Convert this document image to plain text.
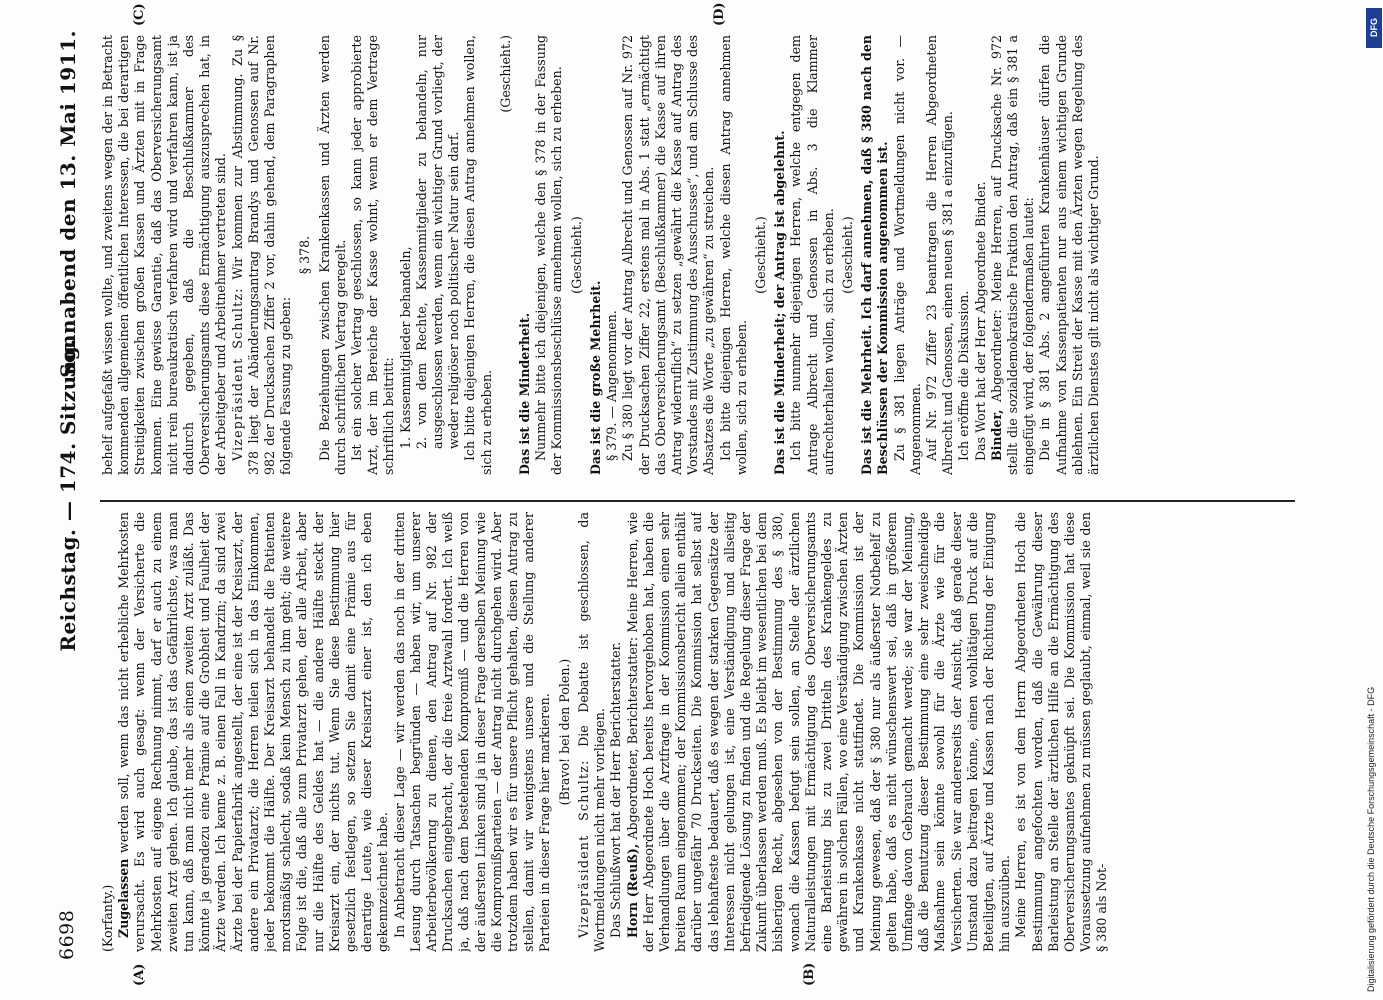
6698
Reichstag. — 174. Sitzung.
Sonnabend den 13. Mai 1911.
(A)	(B)
(C)	(D)

(Korfanty.) Zugelassen werden soll, wenn das nicht erhebliche Mehrkosten verursacht. Es wird auch gesagt: wenn der Versicherte die Mehrkosten auf eigene Rechnung nimmt, darf er auch zu einem zweiten Arzt gehen. Ich glaube, das ist das Gefährlichste, was man tun kann, daß man nicht mehr als einen zweiten Arzt zuläßt. Das könnte ja geradezu eine Prämie auf die Grobheit und Faulheit der Ärzte werden. Ich kenne z. B. einen Fall in Kandrzin; da sind zwei Ärzte bei der Papierfabrik angestellt, der eine ist der Kreisarzt, der andere ein Privatarzt; die Herren teilen sich in das Einkommen, jeder bekommt die Hälfte. Der Kreisarzt behandelt die Patienten mordsmäßig schlecht, sodaß kein Mensch zu ihm geht; die weitere Folge ist die, daß alle zum Privatarzt gehen, der alle Arbeit, aber nur die Hälfte des Geldes hat — die andere Hälfte steckt der Kreisarzt ein, der nichts tut. Wenn Sie diese Bestimmung hier gesetzlich festlegen, so setzen Sie damit eine Prämie aus für derartige Leute, wie dieser Kreisarzt einer ist, den ich eben gekennzeichnet habe. In Anbetracht dieser Lage — wir werden das noch in der dritten Lesung durch Tatsachen begründen — haben wir, um unserer Arbeiterbevölkerung zu dienen, den Antrag auf Nr. 982 der Drucksachen eingebracht, der die freie Arztwahl fordert. Ich weiß ja, daß nach dem bestehenden Kompromiß — und die Herren von der äußersten Linken sind ja in dieser Frage derselben Meinung wie die Kompromißparteien — der Antrag nicht durchgehen wird. Aber trotzdem haben wir es für unsere Pflicht gehalten, diesen Antrag zu stellen, damit wir wenigstens unsere und die Stellung anderer Parteien in dieser Frage hier markieren. (Bravo! bei den Polen.)

Vizepräsident Schultz: Die Debatte ist geschlossen, da Wortmeldungen nicht mehr vorliegen. Das Schlußwort hat der Herr Berichterstatter. Horn (Reuß), Abgeordneter, Berichterstatter: Meine Herren, wie der Herr Abgeordnete Hoch bereits hervorgehoben hat, haben die Verhandlungen über die Arztfrage in der Kommission einen sehr breiten Raum eingenommen; der Kommissionsbericht allein enthält darüber ungefähr 70 Druckseiten. Die Kommission hat selbst auf das lebhafteste bedauert, daß es wegen der starken Gegensätze der Interessen nicht gelungen ist, eine Verständigung und allseitig befriedigende Lösung zu finden und die Regelung dieser Frage der Zukunft überlassen werden muß. Es bleibt im wesentlichen bei dem bisherigen Recht, abgesehen von der Bestimmung des § 380, wonach die Kassen befugt sein sollen, an Stelle der ärztlichen Naturalleistungen mit Ermächtigung des Oberversicherungsamts eine Barleistung bis zu zwei Dritteln des Krankengeldes zu gewähren in solchen Fällen, wo eine Verständigung zwischen Ärzten und Krankenkasse nicht stattfindet. Die Kommission ist der Meinung gewesen, daß der § 380 nur als äußerster Notbehelf zu gelten habe, daß es nicht wünschenswert sei, daß in größerem Umfange davon Gebrauch gemacht werde; sie war der Meinung, daß die Benutzung dieser Bestimmung eine sehr zweischneidige Maßnahme sein könnte sowohl für die Ärzte wie für die Versicherten. Sie war andererseits der Ansicht, daß gerade dieser Umstand dazu beitragen könne, einen wohltätigen Druck auf die Beteiligten, auf Ärzte und Kassen nach der Richtung der Einigung hin auszuüben. Meine Herren, es ist von dem Herrn Abgeordneten Hoch die Bestimmung angefochten worden, daß die Gewährung dieser Barleistung an Stelle der ärztlichen Hilfe an die Ermächtigung des Oberversicherungsamtes geknüpft sei. Die Kommission hat diese Voraussetzung aufnehmen zu müssen geglaubt, einmal, weil sie den § 380 als Not-

behelf aufgefaßt wissen wollte, und zweitens wegen der in Betracht kommenden allgemeinen öffentlichen Interessen, die bei derartigen Streitigkeiten zwischen großen Kassen und Ärzten mit in Frage kommen. Eine gewisse Garantie, daß das Oberversicherungsamt nicht rein bureaukratisch verfahren wird und verfahren kann, ist ja dadurch gegeben, daß die Beschlußkammer des Oberversicherungsamts diese Ermächtigung auszusprechen hat, in der Arbeitgeber und Arbeitnehmer vertreten sind. Vizepräsident Schultz: Wir kommen zur Abstimmung. Zu § 378 liegt der Abänderungsantrag Brandys und Genossen auf Nr. 982 der Drucksachen Ziffer 2 vor, dahin gehend, dem Paragraphen folgende Fassung zu geben:

§ 378. Die Beziehungen zwischen Krankenkassen und Ärzten werden durch schriftlichen Vertrag geregelt. Ist ein solcher Vertrag geschlossen, so kann jeder approbierte Arzt, der im Bereiche der Kasse wohnt, wenn er dem Vertrage schriftlich beitritt: 1. Kassenmitglieder behandeln, 2. von dem Rechte, Kassenmitglieder zu behandeln, nur ausgeschlossen werden, wenn ein wichtiger Grund vorliegt, der weder religiöser noch politischer Natur sein darf. Ich bitte diejenigen Herren, die diesen Antrag annehmen wollen, sich zu erheben.

(Geschieht.)

Das ist die Minderheit. Nunmehr bitte ich diejenigen, welche den § 378 in der Fassung der Kommissionsbeschlüsse annehmen wollen, sich zu erheben. (Geschieht.)

Das ist die große Mehrheit. § 379. — Angenommen. Zu § 380 liegt vor der Antrag Albrecht und Genossen auf Nr. 972 der Drucksachen Ziffer 22, erstens mal in Abs. 1 statt „ermächtigt das Oberversicherungsamt (Beschlußkammer) die Kasse auf ihren Antrag widerruflich“ zu setzen „gewährt die Kasse auf Antrag des Vorstandes mit Zustimmung des Ausschusses“, und am Schlusse des Absatzes die Worte „zu gewähren“ zu streichen. Ich bitte diejenigen Herren, welche diesen Antrag annehmen wollen, sich zu erheben.

(Geschieht.) Das ist die Minderheit; der Antrag ist abgelehnt. Ich bitte nunmehr diejenigen Herren, welche entgegen dem Antrage Albrecht und Genossen in Abs. 3 die Klammer aufrechterhalten wollen, sich zu erheben. (Geschieht.) Das ist die Mehrheit. Ich darf annehmen, daß § 380 nach den Beschlüssen der Kommission angenommen ist. Zu § 381 liegen Anträge und Wortmeldungen nicht vor. — Angenommen. Auf Nr. 972 Ziffer 23 beantragen die Herren Abgeordneten Albrecht und Genossen, einen neuen § 381 a einzufügen. Ich eröffne die Diskussion. Das Wort hat der Herr Abgeordnete Binder. Binder, Abgeordneter: Meine Herren, auf Drucksache Nr. 972 stellt die sozialdemokratische Fraktion den Antrag, daß ein § 381 a eingefügt wird, der folgendermaßen lautet: Die in § 381 Abs. 2 angeführten Krankenhäuser dürfen die Aufnahme von Kassenpatienten nur aus einem wichtigen Grunde ablehnen. Ein Streit der Kasse mit den Ärzten wegen Regelung des ärztlichen Dienstes gilt nicht als wichtiger Grund.

DFG
Digitalisierung gefördert durch die Deutsche Forschungsgemeinschaft - DFG
